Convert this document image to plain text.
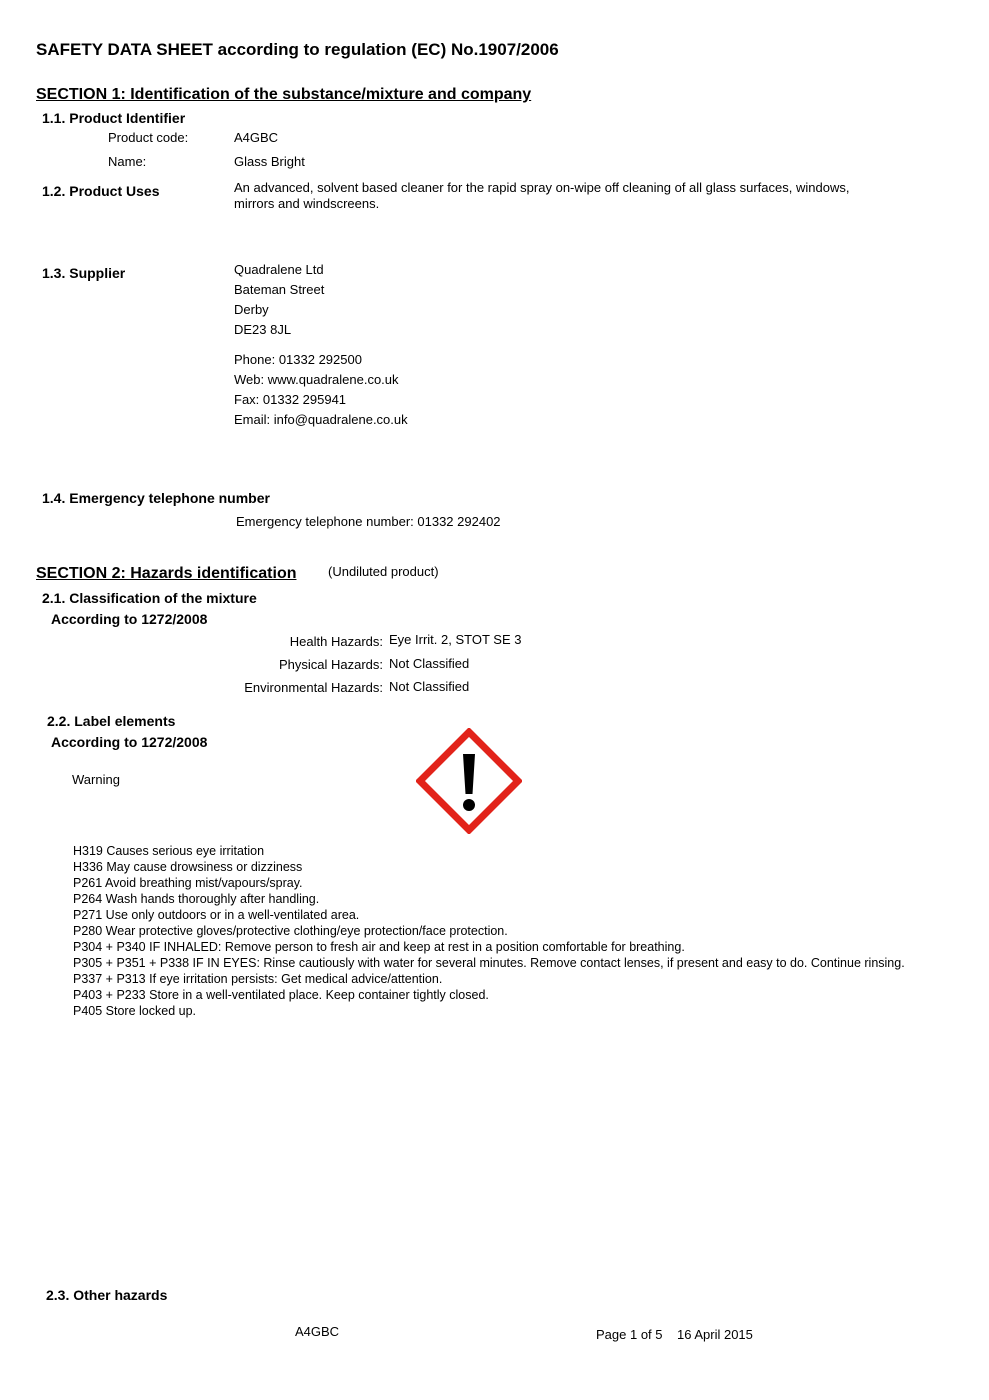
SAFETY DATA SHEET according to regulation (EC) No.1907/2006
SECTION 1: Identification of the substance/mixture and company
1.1. Product Identifier
Product code:	A4GBC
Name:	Glass Bright
1.2. Product Uses	An advanced, solvent based cleaner for the rapid spray on-wipe off cleaning of all glass surfaces, windows,
mirrors and windscreens.
1.3. Supplier	Quadralene Ltd
Bateman Street
Derby
DE23 8JL
Phone: 01332 292500
Web: www.quadralene.co.uk
Fax: 01332 295941
Email: info@quadralene.co.uk
1.4. Emergency telephone number
Emergency telephone number: 01332 292402
SECTION 2: Hazards identification (Undiluted product)
2.1. Classification of the mixture
According to 1272/2008
Health Hazards: Eye Irrit. 2, STOT SE 3
Physical Hazards: Not Classified
Environmental Hazards: Not Classified
2.2. Label elements
According to 1272/2008
Warning
H319 Causes serious eye irritation
H336 May cause drowsiness or dizziness
P261 Avoid breathing mist/vapours/spray.
P264 Wash hands thoroughly after handling.
P271 Use only outdoors or in a well-ventilated area.
P280 Wear protective gloves/protective clothing/eye protection/face protection.
P304 + P340 IF INHALED: Remove person to fresh air and keep at rest in a position comfortable for breathing.
P305 + P351 + P338 IF IN EYES: Rinse cautiously with water for several minutes. Remove contact lenses, if present and easy to do. Continue rinsing.
P337 + P313 If eye irritation persists: Get medical advice/attention.
P403 + P233 Store in a well-ventilated place. Keep container tightly closed.
P405 Store locked up.
2.3. Other hazards
A4GBC	Page 1 of 5 16 April 2015
